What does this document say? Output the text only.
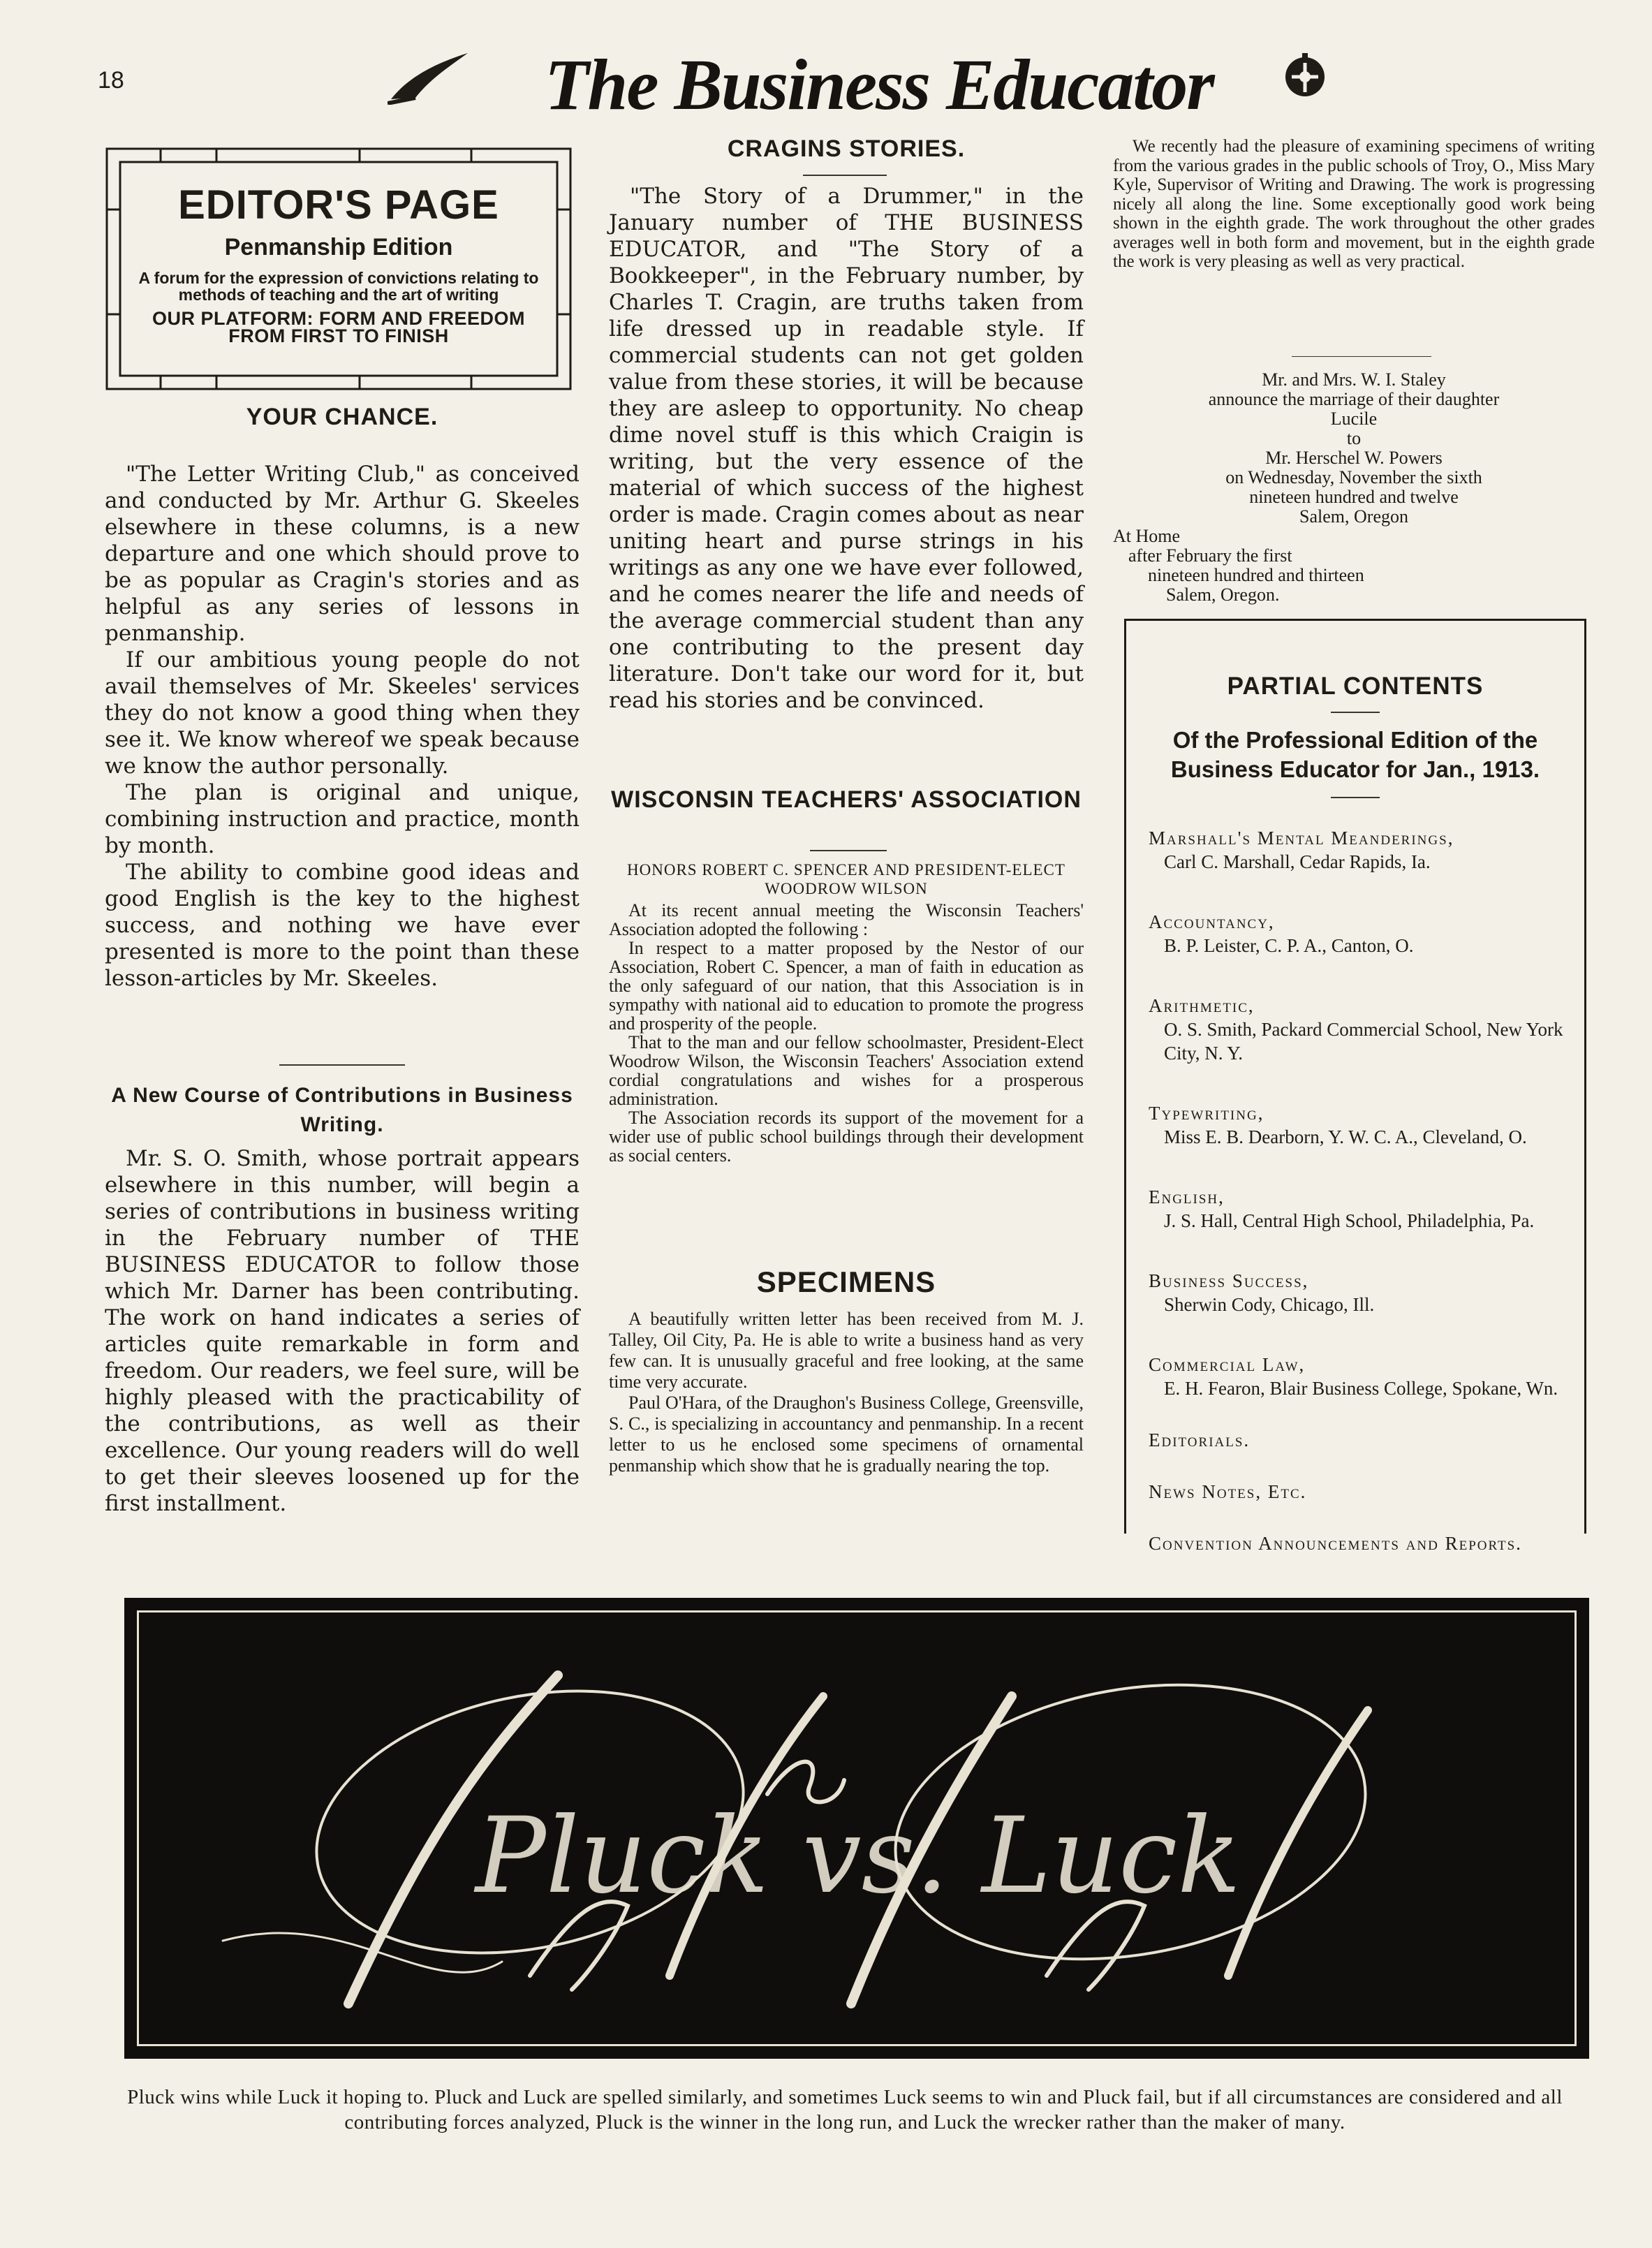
18	The Business Educator
EDITOR'S PAGE
Penmanship Edition
A forum for the expression of convictions relating to methods of teaching and the art of writing
OUR PLATFORM: FORM AND FREEDOM FROM FIRST TO FINISH
YOUR CHANCE.

"The Letter Writing Club," as conceived and conducted by Mr. Arthur G. Skeeles elsewhere in these columns, is a new departure and one which should prove to be as popular as Cragin's stories and as helpful as any series of lessons in penmanship.

If our ambitious young people do not avail themselves of Mr. Skeeles' services they do not know a good thing when they see it. We know whereof we speak because we know the author personally.

The plan is original and unique, combining instruction and practice, month by month.

The ability to combine good ideas and good English is the key to the highest success, and nothing we have ever presented is more to the point than these lesson-articles by Mr. Skeeles.

A New Course of Contributions in Business Writing.

Mr. S. O. Smith, whose portrait appears elsewhere in this number, will begin a series of contributions in business writing in the February number of THE BUSINESS EDUCATOR to follow those which Mr. Darner has been contributing. The work on hand indicates a series of articles quite remarkable in form and freedom. Our readers, we feel sure, will be highly pleased with the practicability of the contributions, as well as their excellence. Our young readers will do well to get their sleeves loosened up for the first installment.

CRAGINS STORIES.

"The Story of a Drummer," in the January number of THE BUSINESS EDUCATOR, and "The Story of a Bookkeeper", in the February number, by Charles T. Cragin, are truths taken from life dressed up in readable style. If commercial students can not get golden value from these stories, it will be because they are asleep to opportunity. No cheap dime novel stuff is this which Craigin is writing, but the very essence of the material of which success of the highest order is made. Cragin comes about as near uniting heart and purse strings in his writings as any one we have ever followed, and he comes nearer the life and needs of the average commercial student than any one contributing to the present day literature. Don't take our word for it, but read his stories and be convinced.

WISCONSIN TEACHERS' ASSOCIATION
HONORS ROBERT C. SPENCER AND PRESIDENT-ELECT WOODROW WILSON

At its recent annual meeting the Wisconsin Teachers' Association adopted the following :

In respect to a matter proposed by the Nestor of our Association, Robert C. Spencer, a man of faith in education as the only safeguard of our nation, that this Association is in sympathy with national aid to education to promote the progress and prosperity of the people.

That to the man and our fellow schoolmaster, President-Elect Woodrow Wilson, the Wisconsin Teachers' Association extend cordial congratulations and wishes for a prosperous administration.

The Association records its support of the movement for a wider use of public school buildings through their development as social centers.

SPECIMENS

A beautifully written letter has been received from M. J. Talley, Oil City, Pa. He is able to write a business hand as very few can. It is unusually graceful and free looking, at the same time very accurate.

Paul O'Hara, of the Draughon's Business College, Greensville, S. C., is specializing in accountancy and penmanship. In a recent letter to us he enclosed some specimens of ornamental penmanship which show that he is gradually nearing the top.

We recently had the pleasure of examining specimens of writing from the various grades in the public schools of Troy, O., Miss Mary Kyle, Supervisor of Writing and Drawing. The work is progressing nicely all along the line. Some exceptionally good work being shown in the eighth grade. The work throughout the other grades averages well in both form and movement, but in the eighth grade the work is very pleasing as well as very practical.

Mr. and Mrs. W. I. Staley
announce the marriage of their daughter
Lucile
to
Mr. Herschel W. Powers
on Wednesday, November the sixth
nineteen hundred and twelve
Salem, Oregon
At Home
after February the first
nineteen hundred and thirteen
Salem, Oregon.
PARTIAL CONTENTS
Of the Professional Edition of the Business Educator for Jan., 1913.
Marshall's Mental Meanderings,
Carl C. Marshall, Cedar Rapids, Ia.
Accountancy,
B. P. Leister, C. P. A., Canton, O.
Arithmetic,
O. S. Smith, Packard Commercial School, New York City, N. Y.
Typewriting,
Miss E. B. Dearborn, Y. W. C. A., Cleveland, O.
English,
J. S. Hall, Central High School, Philadelphia, Pa.
Business Success,
Sherwin Cody, Chicago, Ill.
Commercial Law,
E. H. Fearon, Blair Business College, Spokane, Wn.
Editorials.
News Notes, Etc.
Convention Announcements and Reports.
Pluck vs. Luck
Pluck wins while Luck it hoping to. Pluck and Luck are spelled similarly, and sometimes Luck seems to win and Pluck fail, but if all circumstances are considered and all contributing forces analyzed, Pluck is the winner in the long run, and Luck the wrecker rather than the maker of many.
